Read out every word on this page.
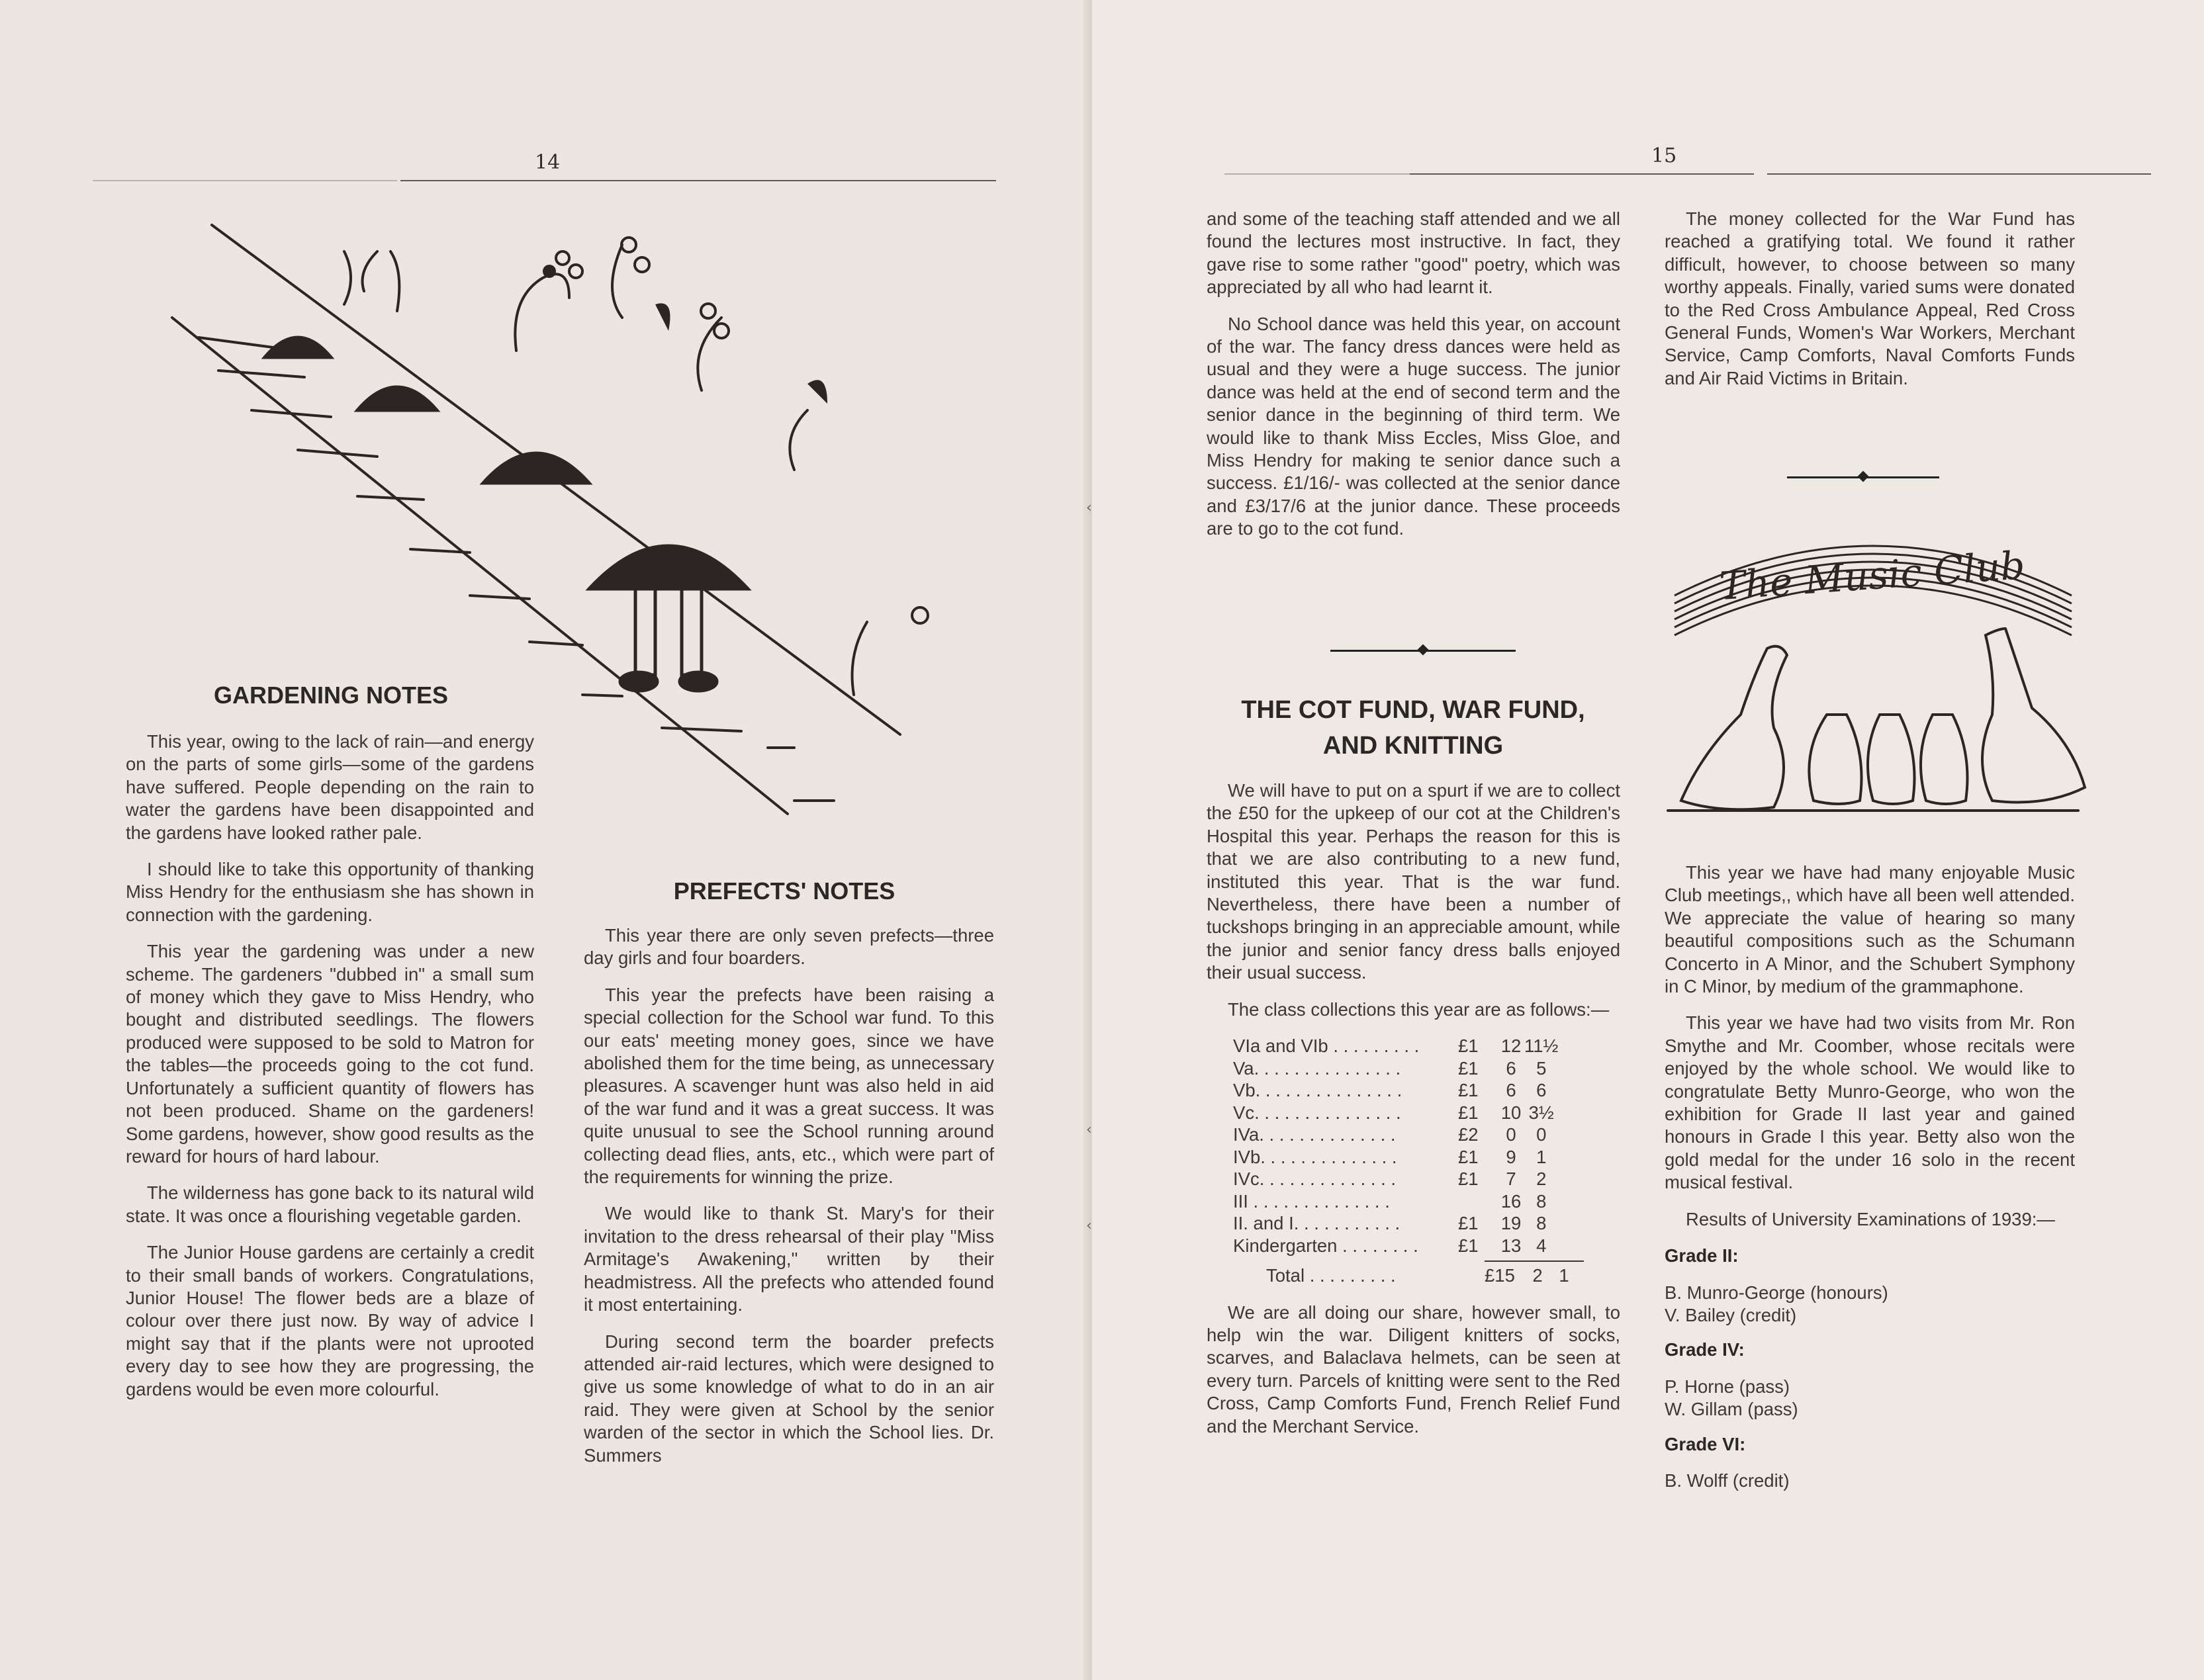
14
GARDENING NOTES

This year, owing to the lack of rain—and energy on the parts of some girls—some of the gardens have suffered. People depending on the rain to water the gardens have been disappointed and the gardens have looked rather pale.

I should like to take this opportunity of thanking Miss Hendry for the enthusiasm she has shown in connection with the gardening.

This year the gardening was under a new scheme. The gardeners "dubbed in" a small sum of money which they gave to Miss Hendry, who bought and distributed seedlings. The flowers produced were supposed to be sold to Matron for the tables—the proceeds going to the cot fund. Unfortunately a sufficient quantity of flowers has not been produced. Shame on the gardeners! Some gardens, however, show good results as the reward for hours of hard labour.

The wilderness has gone back to its natural wild state. It was once a flourishing vegetable garden.

The Junior House gardens are certainly a credit to their small bands of workers. Congratulations, Junior House! The flower beds are a blaze of colour over there just now. By way of advice I might say that if the plants were not uprooted every day to see how they are progressing, the gardens would be even more colourful.

PREFECTS' NOTES

This year there are only seven prefects—three day girls and four boarders.

This year the prefects have been raising a special collection for the School war fund. To this our eats' meeting money goes, since we have abolished them for the time being, as unnecessary pleasures. A scavenger hunt was also held in aid of the war fund and it was a great success. It was quite unusual to see the School running around collecting dead flies, ants, etc., which were part of the requirements for winning the prize.

We would like to thank St. Mary's for their invitation to the dress rehearsal of their play "Miss Armitage's Awakening," written by their headmistress. All the prefects who attended found it most entertaining.

During second term the boarder prefects attended air-raid lectures, which were designed to give us some knowledge of what to do in an air raid. They were given at School by the senior warden of the sector in which the School lies. Dr. Summers

‹
‹
‹
15

and some of the teaching staff attended and we all found the lectures most instructive. In fact, they gave rise to some rather "good" poetry, which was appreciated by all who had learnt it.

No School dance was held this year, on account of the war. The fancy dress dances were held as usual and they were a huge success. The junior dance was held at the end of second term and the senior dance in the beginning of third term. We would like to thank Miss Eccles, Miss Gloe, and Miss Hendry for making te senior dance such a success. £1/16/- was collected at the senior dance and £3/17/6 at the junior dance. These proceeds are to go to the cot fund.

THE COT FUND, WAR FUND,
AND KNITTING

We will have to put on a spurt if we are to collect the £50 for the upkeep of our cot at the Children's Hospital this year. Perhaps the reason for this is that we are also contributing to a new fund, instituted this year. That is the war fund. Nevertheless, there have been a number of tuckshops bringing in an appreciable amount, while the junior and senior fancy dress balls enjoyed their usual success.

The class collections this year are as follows:—

VIa and VIb . . . . . . . . .	£1	12	11½
Va. . . . . . . . . . . . . . .	£1	6	5
Vb. . . . . . . . . . . . . . .	£1	6	6
Vc. . . . . . . . . . . . . . .	£1	10	3½
IVa. . . . . . . . . . . . . .	£2	0	0
IVb. . . . . . . . . . . . . .	£1	9	1
IVc. . . . . . . . . . . . . .	£1	7	2
III . . . . . . . . . . . . . .		16	8
II. and I. . . . . . . . . . .	£1	19	8
Kindergarten . . . . . . . .	£1	13	4
Total . . . . . . . . .	£15	2	1

We are all doing our share, however small, to help win the war. Diligent knitters of socks, scarves, and Balaclava helmets, can be seen at every turn. Parcels of knitting were sent to the Red Cross, Camp Comforts Fund, French Relief Fund and the Merchant Service.

The money collected for the War Fund has reached a gratifying total. We found it rather difficult, however, to choose between so many worthy appeals. Finally, varied sums were donated to the Red Cross Ambulance Appeal, Red Cross General Funds, Women's War Workers, Merchant Service, Camp Comforts, Naval Comforts Funds and Air Raid Victims in Britain.

The Music Club

This year we have had many enjoyable Music Club meetings,, which have all been well attended. We appreciate the value of hearing so many beautiful compositions such as the Schumann Concerto in A Minor, and the Schubert Symphony in C Minor, by medium of the grammaphone.

This year we have had two visits from Mr. Ron Smythe and Mr. Coomber, whose recitals were enjoyed by the whole school. We would like to congratulate Betty Munro-George, who won the exhibition for Grade II last year and gained honours in Grade I this year. Betty also won the gold medal for the under 16 solo in the recent musical festival.

Results of University Examinations of 1939:—

Grade II:

B. Munro-George (honours)

V. Bailey (credit)

Grade IV:

P. Horne (pass)

W. Gillam (pass)

Grade VI:

B. Wolff (credit)
